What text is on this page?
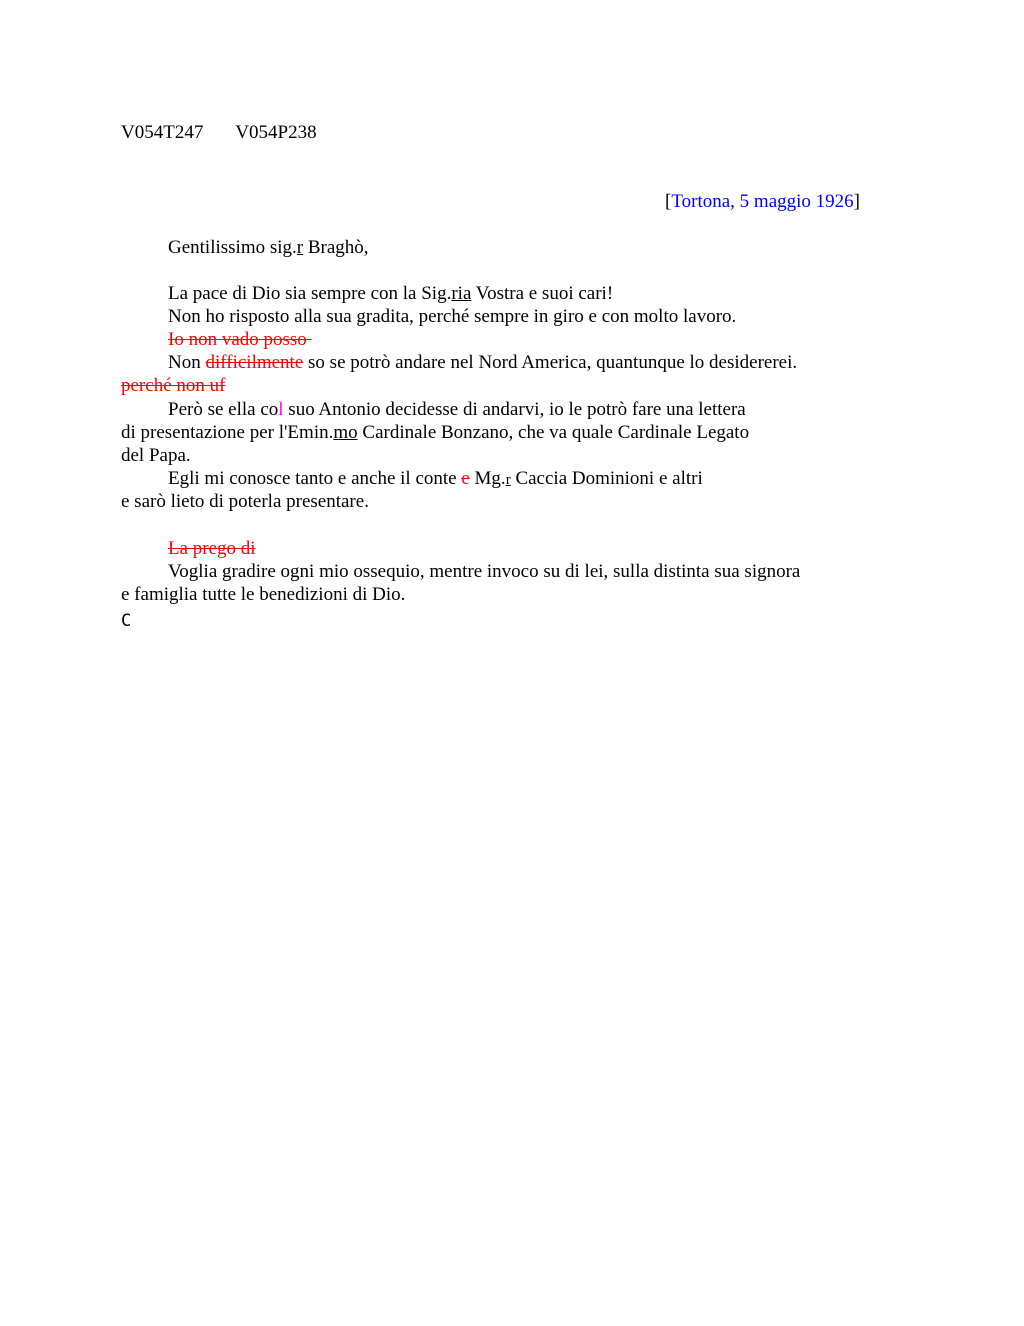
V054T247 V054P238
[Tortona, 5 maggio 1926]
Gentilissimo sig.r Braghò,
La pace di Dio sia sempre con la Sig.ria Vostra e suoi cari!
Non ho risposto alla sua gradita, perché sempre in giro e con molto lavoro.
Io non vado posso
Non difficilmente so se potrò andare nel Nord America, quantunque lo desidererei.
perché non uf
Però se ella col suo Antonio decidesse di andarvi, io le potrò fare una lettera
di presentazione per l'Emin.mo Cardinale Bonzano, che va quale Cardinale Legato
del Papa.
Egli mi conosce tanto e anche il conte e Mg.r Caccia Dominioni e altri
e sarò lieto di poterla presentare.
La prego di
Voglia gradire ogni mio ossequio, mentre invoco su di lei, sulla distinta sua signora
e famiglia tutte le benedizioni di Dio.
C
